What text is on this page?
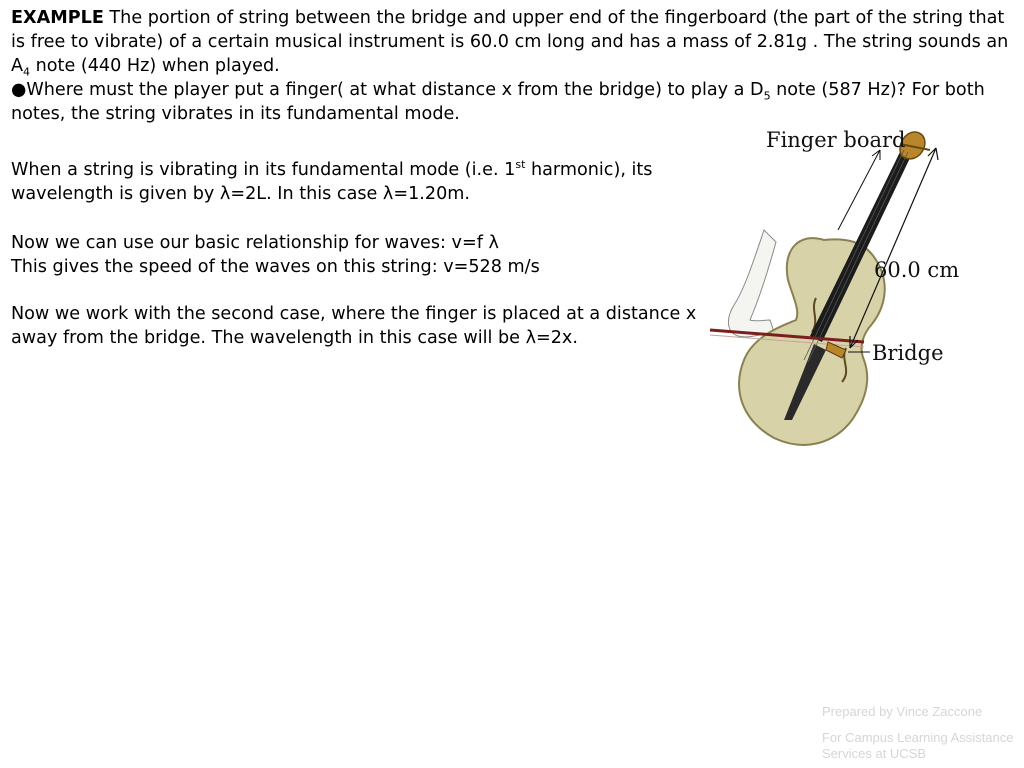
EXAMPLE The portion of string between the bridge and upper end of the fingerboard (the part of the string that is free to vibrate) of a certain musical instrument is 60.0 cm long and has a mass of 2.81g . The string sounds an $A_4$ note (440 Hz) when played.
●Where must the player put a finger( at what distance x from the bridge) to play a $D_5$ note (587 Hz)? For both notes, the string vibrates in its fundamental mode.

When a string is vibrating in its fundamental mode (i.e. 1st harmonic), its wavelength is given by λ=2L. In this case λ=1.20m.

Now we can use our basic relationship for waves: v=f λ
This gives the speed of the waves on this string: v=528 m/s

Now we work with the second case, where the finger is placed at a distance x away from the bridge. The wavelength in this case will be λ=2x.

Finger board
60.0 cm
Bridge
Prepared by Vince Zaccone
For Campus Learning Assistance Services at UCSB
